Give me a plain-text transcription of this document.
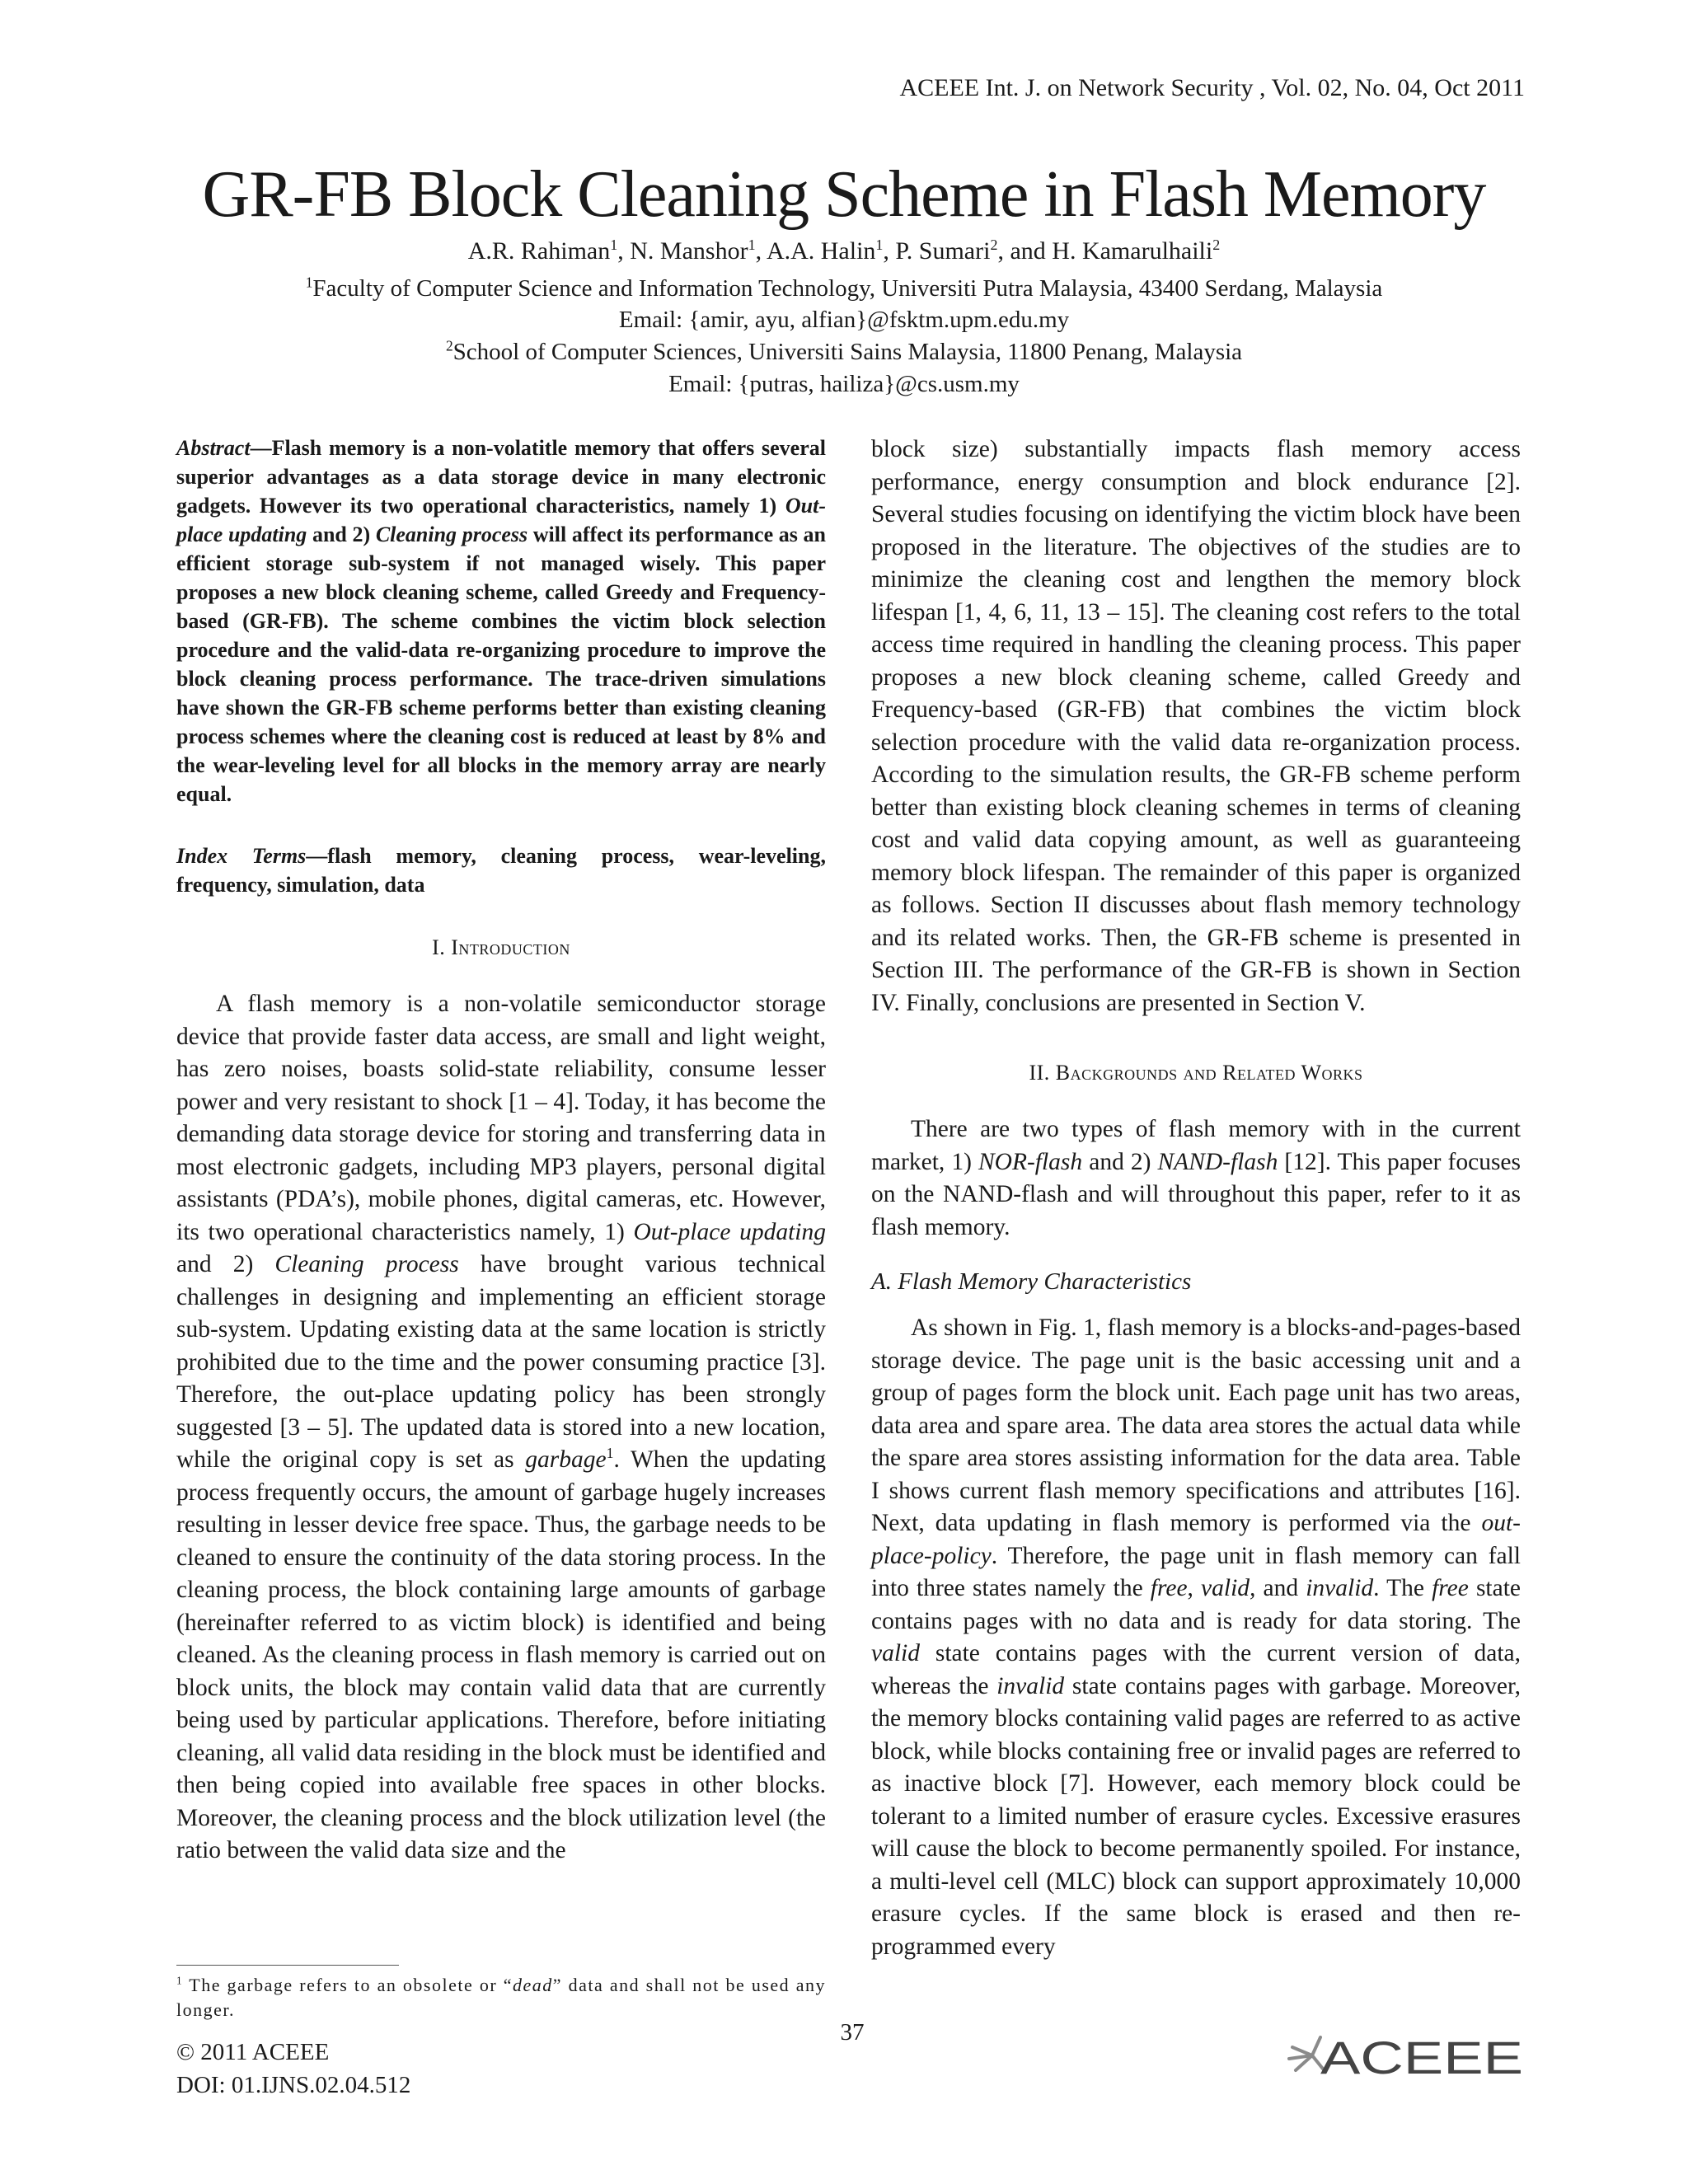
ACEEE Int. J. on Network Security , Vol. 02, No. 04, Oct 2011
GR-FB Block Cleaning Scheme in Flash Memory
A.R. Rahiman$^1$, N. Manshor$^1$, A.A. Halin$^1$, P. Sumari$^2$, and H. Kamarulhaili$^2$
$^1$Faculty of Computer Science and Information Technology, Universiti Putra Malaysia, 43400 Serdang, Malaysia
Email: {amir, ayu, alfian}@fsktm.upm.edu.my
$^2$School of Computer Sciences, Universiti Sains Malaysia, 11800 Penang, Malaysia
Email: {putras, hailiza}@cs.usm.my

Abstract—Flash memory is a non-volatitle memory that offers several superior advantages as a data storage device in many electronic gadgets. However its two operational characteristics, namely 1) Out-place updating and 2) Cleaning process will affect its performance as an efficient storage sub-system if not managed wisely. This paper proposes a new block cleaning scheme, called Greedy and Frequency-based (GR-FB). The scheme combines the victim block selection procedure and the valid-data re-organizing procedure to improve the block cleaning process performance. The trace-driven simulations have shown the GR-FB scheme performs better than existing cleaning process schemes where the cleaning cost is reduced at least by 8% and the wear-leveling level for all blocks in the memory array are nearly equal.

Index Terms—flash memory, cleaning process, wear-leveling, frequency, simulation, data

I. Introduction

A flash memory is a non-volatile semiconductor storage device that provide faster data access, are small and light weight, has zero noises, boasts solid-state reliability, consume lesser power and very resistant to shock [1 – 4]. Today, it has become the demanding data storage device for storing and transferring data in most electronic gadgets, including MP3 players, personal digital assistants (PDA’s), mobile phones, digital cameras, etc. However, its two operational characteristics namely, 1) Out-place updating and 2) Cleaning process have brought various technical challenges in designing and implementing an efficient storage sub-system. Updating existing data at the same location is strictly prohibited due to the time and the power consuming practice [3]. Therefore, the out-place updating policy has been strongly suggested [3 – 5]. The updated data is stored into a new location, while the original copy is set as garbage$^1$. When the updating process frequently occurs, the amount of garbage hugely increases resulting in lesser device free space. Thus, the garbage needs to be cleaned to ensure the continuity of the data storing process. In the cleaning process, the block containing large amounts of garbage (hereinafter referred to as victim block) is identified and being cleaned. As the cleaning process in flash memory is carried out on block units, the block may contain valid data that are currently being used by particular applications. Therefore, before initiating cleaning, all valid data residing in the block must be identified and then being copied into available free spaces in other blocks. Moreover, the cleaning process and the block utilization level (the ratio between the valid data size and the

block size) substantially impacts flash memory access performance, energy consumption and block endurance [2]. Several studies focusing on identifying the victim block have been proposed in the literature. The objectives of the studies are to minimize the cleaning cost and lengthen the memory block lifespan [1, 4, 6, 11, 13 – 15]. The cleaning cost refers to the total access time required in handling the cleaning process. This paper proposes a new block cleaning scheme, called Greedy and Frequency-based (GR-FB) that combines the victim block selection procedure with the valid data re-organization process. According to the simulation results, the GR-FB scheme perform better than existing block cleaning schemes in terms of cleaning cost and valid data copying amount, as well as guaranteeing memory block lifespan. The remainder of this paper is organized as follows. Section II discusses about flash memory technology and its related works. Then, the GR-FB scheme is presented in Section III. The performance of the GR-FB is shown in Section IV. Finally, conclusions are presented in Section V.

II. Backgrounds and Related Works

There are two types of flash memory with in the current market, 1) NOR-flash and 2) NAND-flash [12]. This paper focuses on the NAND-flash and will throughout this paper, refer to it as flash memory.

A. Flash Memory Characteristics

As shown in Fig. 1, flash memory is a blocks-and-pages-based storage device. The page unit is the basic accessing unit and a group of pages form the block unit. Each page unit has two areas, data area and spare area. The data area stores the actual data while the spare area stores assisting information for the data area. Table I shows current flash memory specifications and attributes [16]. Next, data updating in flash memory is performed via the out-place-policy. Therefore, the page unit in flash memory can fall into three states namely the free, valid, and invalid. The free state contains pages with no data and is ready for data storing. The valid state contains pages with the current version of data, whereas the invalid state contains pages with garbage. Moreover, the memory blocks containing valid pages are referred to as active block, while blocks containing free or invalid pages are referred to as inactive block [7]. However, each memory block could be tolerant to a limited number of erasure cycles. Excessive erasures will cause the block to become permanently spoiled. For instance, a multi-level cell (MLC) block can support approximately 10,000 erasure cycles. If the same block is erased and then re-programmed every

$^1$ The garbage refers to an obsolete or “dead” data and shall not be used any longer.
© 2011 ACEEE
DOI: 01.IJNS.02.04.512
37	ACEEE
